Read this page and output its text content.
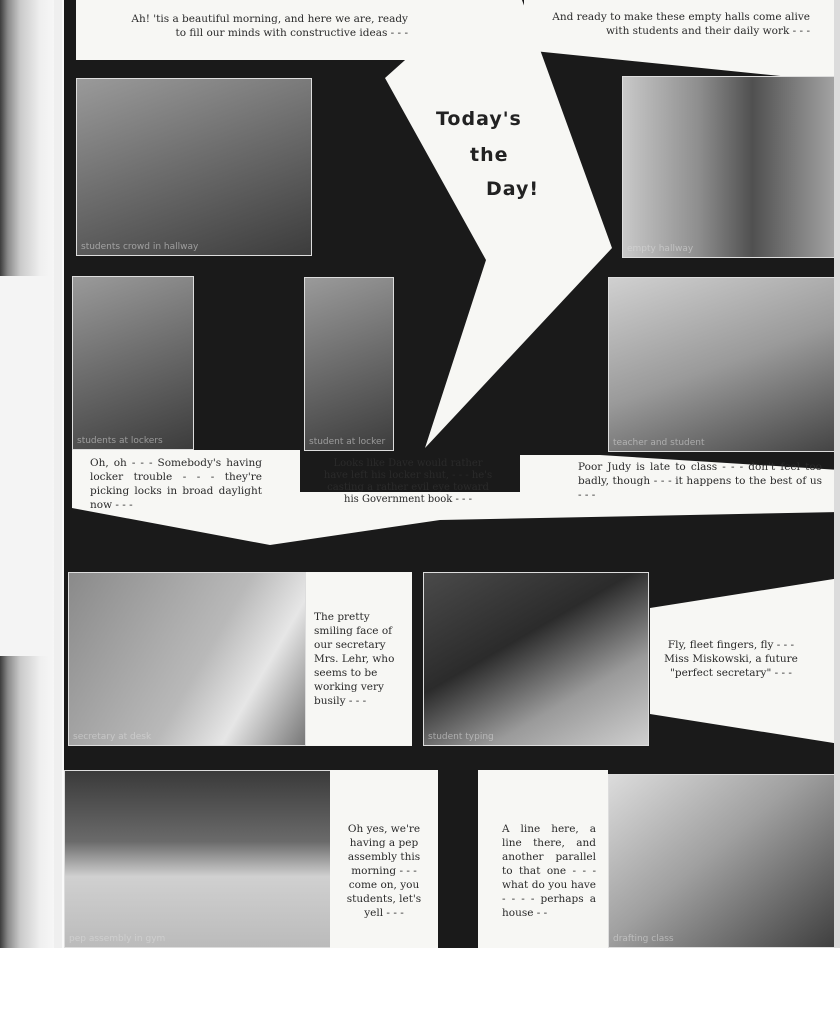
Ah! 'tis a beautiful morning, and here we are, ready to fill our minds with constructive ideas - - -
And ready to make these empty halls come alive with students and their daily work - - -
Today's
the
Day!
students crowd in hallway	empty hallway
students at lockers	student at locker	teacher and student
Oh, oh - - - Somebody's having locker trouble - - - they're picking locks in broad daylight now - - -
Looks like Dave would rather have left his locker shut, - - - he's casting a rather evil eye toward his Government book - - -
Poor Judy is late to class - - - don't feel too badly, though - - - it happens to the best of us - - -
secretary at desk
The pretty smiling face of our secretary Mrs. Lehr, who seems to be working very busily - - -
student typing
Fly, fleet fingers, fly - - - Miss Miskowski, a future "perfect secretary" - - -
pep assembly in gym
Oh yes, we're having a pep assembly this morning - - - come on, you students, let's yell - - -
A line here, a line there, and another parallel to that one - - - what do you have - - - - perhaps a house - -
drafting class
